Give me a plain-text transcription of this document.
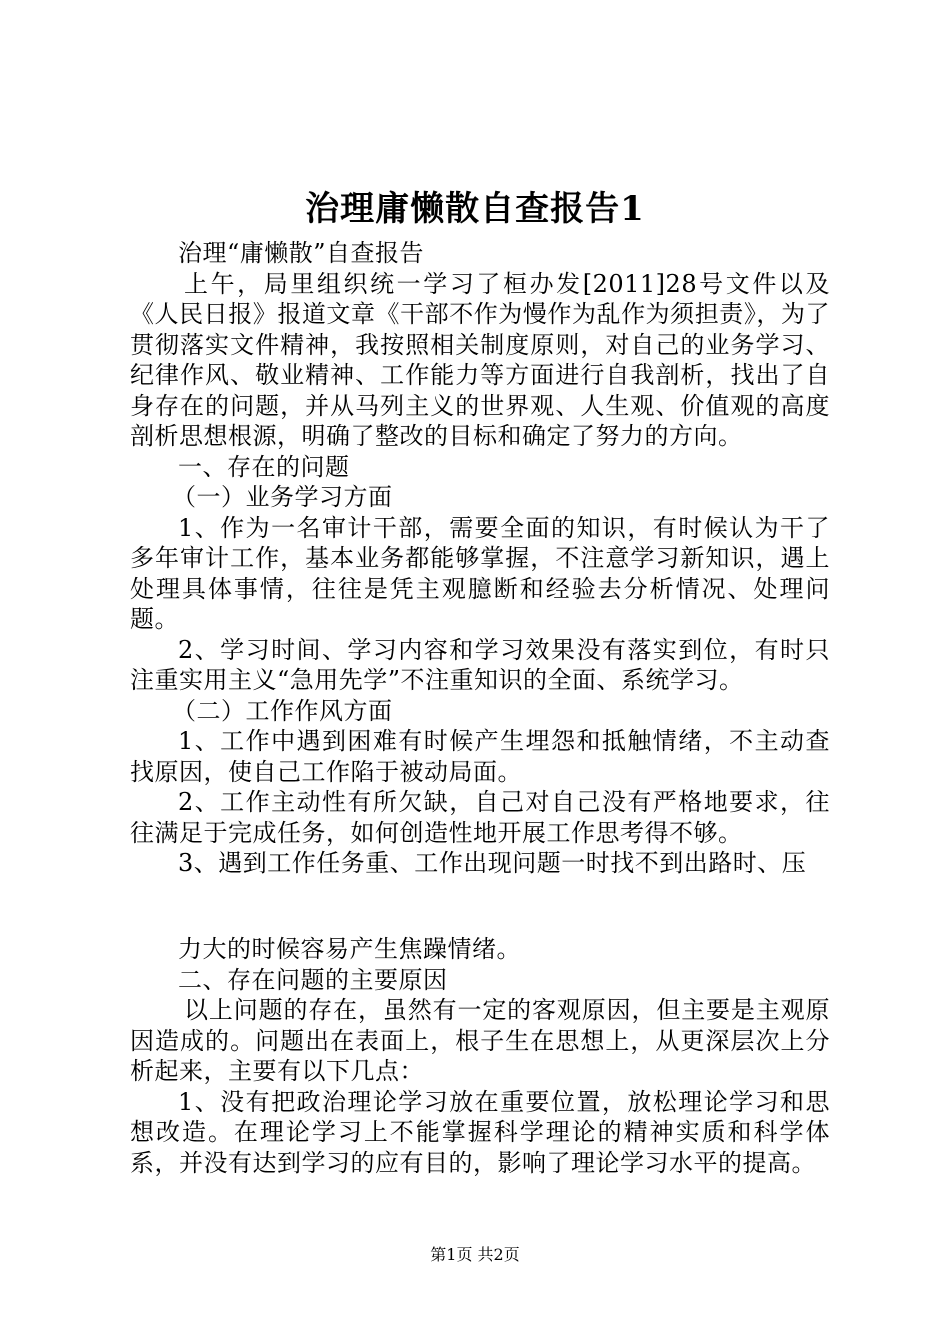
治理庸懒散自查报告1

治理“庸懒散”自查报告

上午，局里组织统一学习了桓办发[2011]28号文件以及《人民日报》报道文章《干部不作为慢作为乱作为须担责》，为了贯彻落实文件精神，我按照相关制度原则，对自己的业务学习、纪律作风、敬业精神、工作能力等方面进行自我剖析，找出了自身存在的问题，并从马列主义的世界观、人生观、价值观的高度剖析思想根源，明确了整改的目标和确定了努力的方向。

一、存在的问题

（一）业务学习方面

1、作为一名审计干部，需要全面的知识，有时候认为干了多年审计工作，基本业务都能够掌握，不注意学习新知识，遇上处理具体事情，往往是凭主观臆断和经验去分析情况、处理问题。

2、学习时间、学习内容和学习效果没有落实到位，有时只注重实用主义“急用先学”不注重知识的全面、系统学习。

（二）工作作风方面

1、工作中遇到困难有时候产生埋怨和抵触情绪，不主动查找原因，使自己工作陷于被动局面。

2、工作主动性有所欠缺，自己对自己没有严格地要求，往往满足于完成任务，如何创造性地开展工作思考得不够。

3、遇到工作任务重、工作出现问题一时找不到出路时、压

力大的时候容易产生焦躁情绪。

二、存在问题的主要原因

以上问题的存在，虽然有一定的客观原因，但主要是主观原因造成的。问题出在表面上，根子生在思想上，从更深层次上分析起来，主要有以下几点：

1、没有把政治理论学习放在重要位置，放松理论学习和思想改造。在理论学习上不能掌握科学理论的精神实质和科学体系，并没有达到学习的应有目的，影响了理论学习水平的提高。

第1页 共2页
